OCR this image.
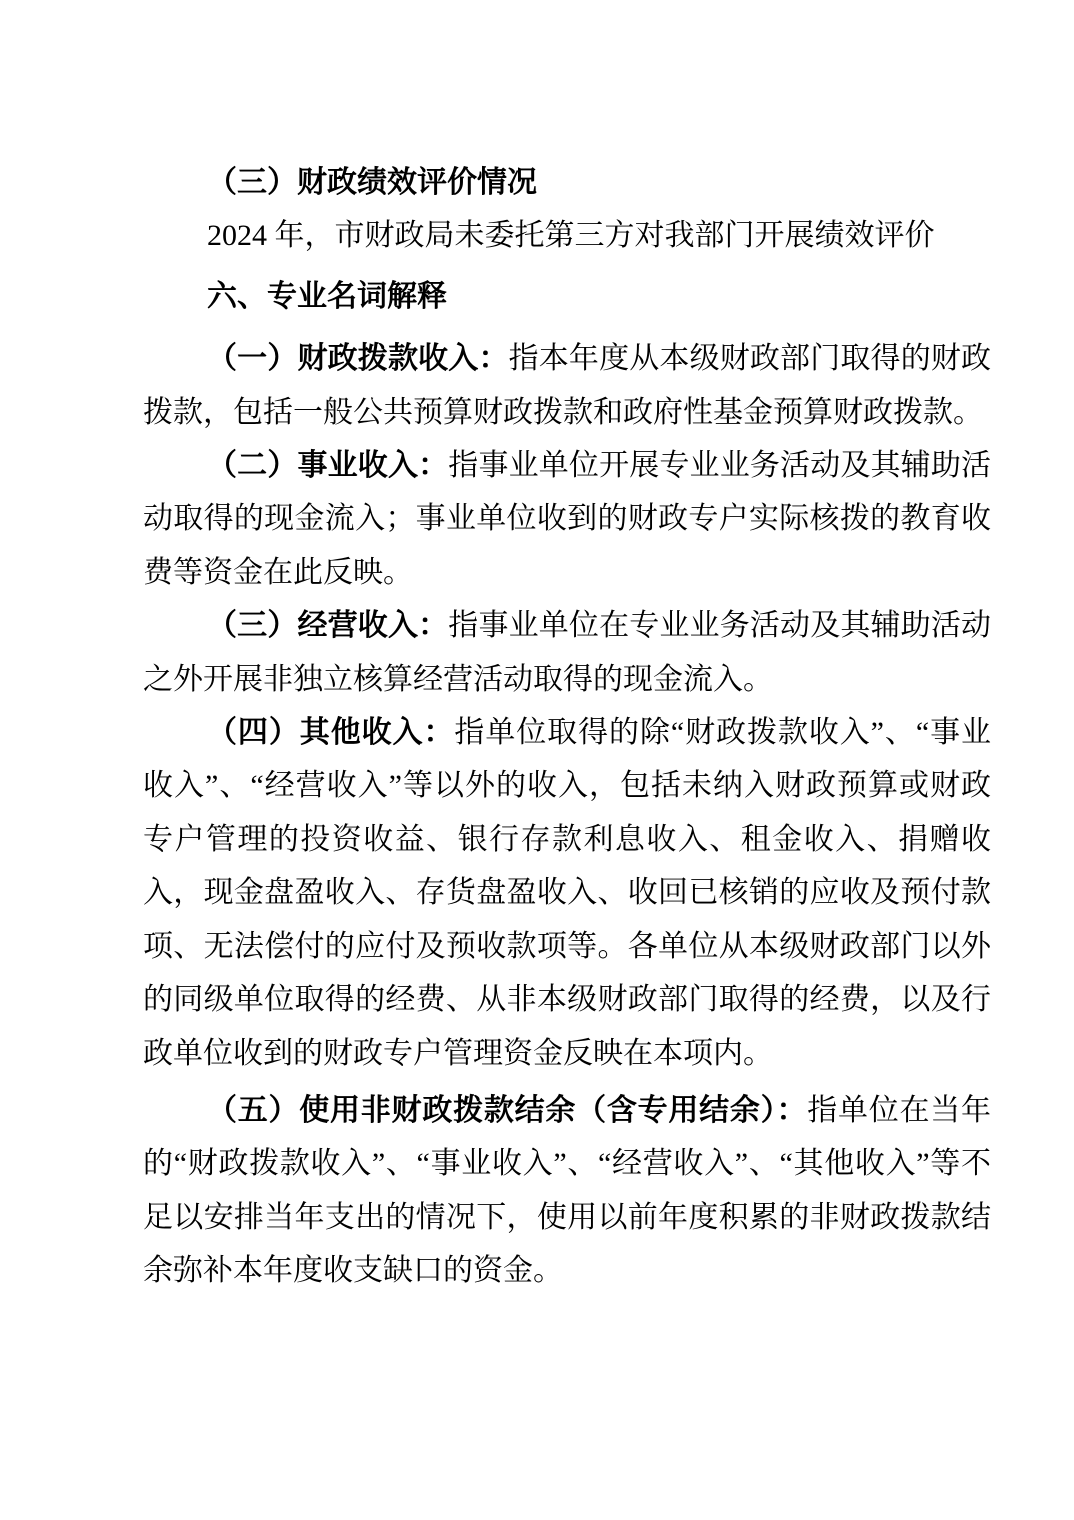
（三）财政绩效评价情况

2024 年，市财政局未委托第三方对我部门开展绩效评价

六、专业名词解释

（一）财政拨款收入：指本年度从本级财政部门取得的财政拨款，包括一般公共预算财政拨款和政府性基金预算财政拨款。

（二）事业收入：指事业单位开展专业业务活动及其辅助活动取得的现金流入；事业单位收到的财政专户实际核拨的教育收费等资金在此反映。

（三）经营收入：指事业单位在专业业务活动及其辅助活动之外开展非独立核算经营活动取得的现金流入。

（四）其他收入：指单位取得的除“财政拨款收入”、“事业收入”、“经营收入”等以外的收入，包括未纳入财政预算或财政专户管理的投资收益、银行存款利息收入、租金收入、捐赠收入，现金盘盈收入、存货盘盈收入、收回已核销的应收及预付款项、无法偿付的应付及预收款项等。各单位从本级财政部门以外的同级单位取得的经费、从非本级财政部门取得的经费，以及行政单位收到的财政专户管理资金反映在本项内。

（五）使用非财政拨款结余（含专用结余）：指单位在当年的“财政拨款收入”、“事业收入”、“经营收入”、“其他收入”等不足以安排当年支出的情况下，使用以前年度积累的非财政拨款结余弥补本年度收支缺口的资金。
